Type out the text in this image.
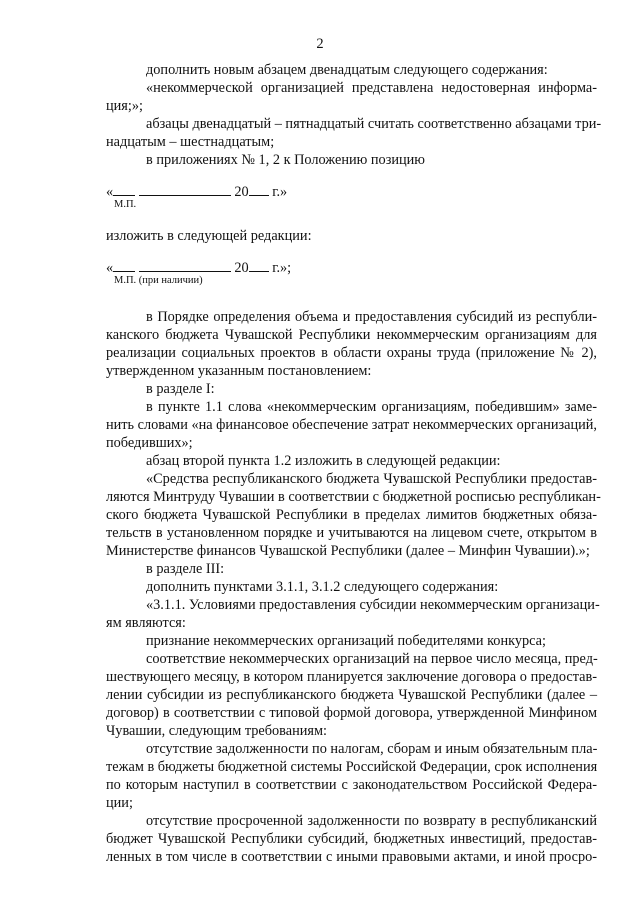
2
дополнить новым абзацем двенадцатым следующего содержания:
«некоммерческой организацией представлена недостоверная информа-
ция;»;
абзацы двенадцатый – пятнадцатый считать соответственно абзацами три-
надцатым – шестнадцатым;
в приложениях № 1, 2 к Положению позицию
«	20 г.»
М.П.
изложить в следующей редакции:
«	20 г.»;
М.П. (при наличии)
в Порядке определения объема и предоставления субсидий из республи-
канского бюджета Чувашской Республики некоммерческим организациям для
реализации социальных проектов в области охраны труда (приложение № 2),
утвержденном указанным постановлением:
в разделе I:
в пункте 1.1 слова «некоммерческим организациям, победившим» заме-
нить словами «на финансовое обеспечение затрат некоммерческих организаций,
победивших»;
абзац второй пункта 1.2 изложить в следующей редакции:
«Средства республиканского бюджета Чувашской Республики предостав-
ляются Минтруду Чувашии в соответствии с бюджетной росписью республикан-
ского бюджета Чувашской Республики в пределах лимитов бюджетных обяза-
тельств в установленном порядке и учитываются на лицевом счете, открытом в
Министерстве финансов Чувашской Республики (далее – Минфин Чувашии).»;
в разделе III:
дополнить пунктами 3.1.1, 3.1.2 следующего содержания:
«3.1.1. Условиями предоставления субсидии некоммерческим организаци-
ям являются:
признание некоммерческих организаций победителями конкурса;
соответствие некоммерческих организаций на первое число месяца, пред-
шествующего месяцу, в котором планируется заключение договора о предостав-
лении субсидии из республиканского бюджета Чувашской Республики (далее –
договор) в соответствии с типовой формой договора, утвержденной Минфином
Чувашии, следующим требованиям:
отсутствие задолженности по налогам, сборам и иным обязательным пла-
тежам в бюджеты бюджетной системы Российской Федерации, срок исполнения
по которым наступил в соответствии с законодательством Российской Федера-
ции;
отсутствие просроченной задолженности по возврату в республиканский
бюджет Чувашской Республики субсидий, бюджетных инвестиций, предостав-
ленных в том числе в соответствии с иными правовыми актами, и иной просро-
